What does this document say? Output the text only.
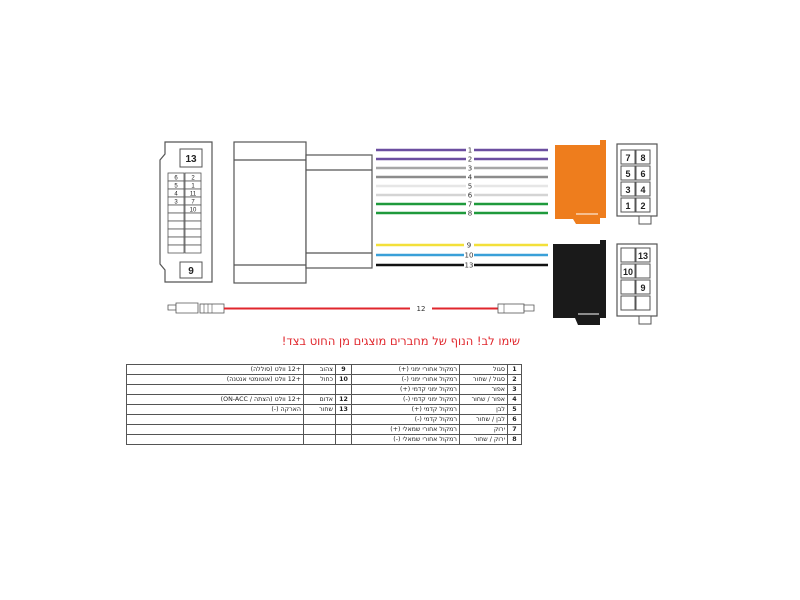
13
9
6
5
4
3
2
1
11
7
10
1
2
3
4
5
6
7
8
9
10
13
7 8
5 6
3 4
1 2
13
10
9
12
שימו לב! הנוף של מחברים מוצגים מן החוט בצד!
1	סגול	רמקול אחורי ימני (+)	9	צהוב	+12 וולט (סוללה)
2	סגול / שחור	רמקול אחורי ימני (-)	10	כחול	+12 וולט (אוטומטי אנטנה)
3	אפור	רמקול ימני קדמי (+)			
4	אפור / שחור	רמקול ימני קדמי (-)	12	אדום	+12 וולט (הצתה / ON-ACC)
5	לבן	רמקול קדמי (+)	13	שחור	הארקה (-)
6	לבן / שחור	רמקול קדמי (-)			
7	ירוק	רמקול אחורי שמאלי (+)			
8	ירוק / שחור	רמקול אחורי שמאלי (-)			
